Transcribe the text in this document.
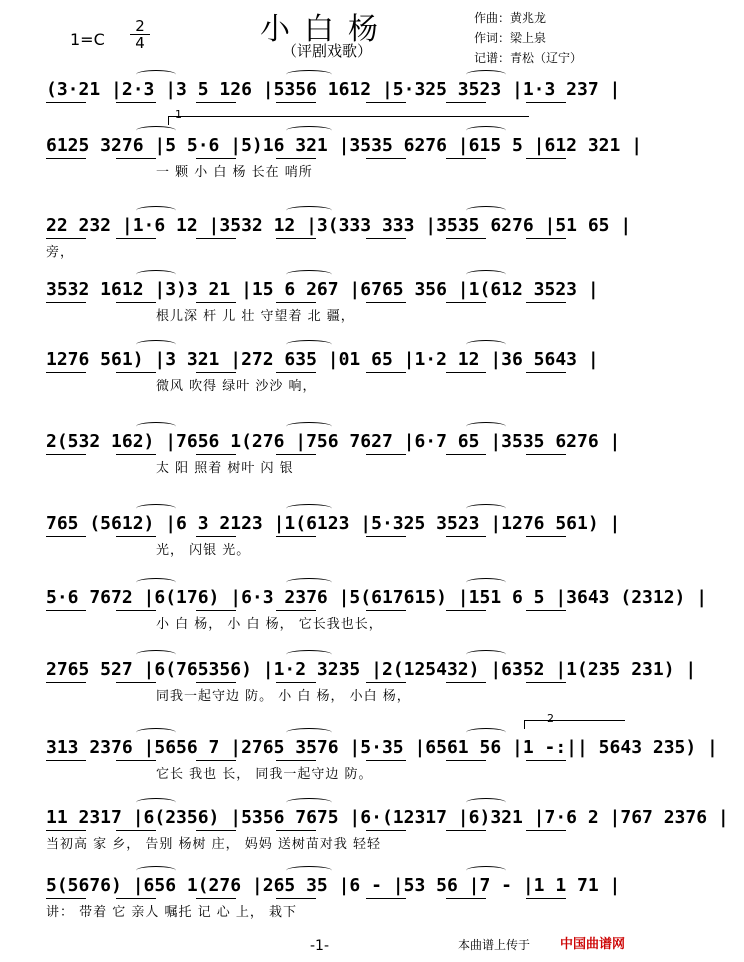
$1=C \frac{2}{4}$	小白杨
（评剧戏歌）
作曲：黄兆龙
作词：梁上泉
记谱：青松（辽宁）
1
2
(3·21 |2·3 |3 5 126 |5356 1612 |5·325 3523 |1·3 237 |
6125 3276 |5 5·6 |5)16 321 |3535 6276 |615 5 |612 321 |
一 颗 小 白 杨 长在 哨所
22 232 |1·6 12 |3532 12 |3(333 333 |3535 6276 |51 65 |
旁，
3532 1612 |3)3 21 |15 6 267 |6765 356 |1(612 3523 |
根儿深 杆 儿 壮 守望着 北 疆，
1276 561) |3 321 |272 635 |01 65 |1·2 12 |36 5643 |
微风 吹得 绿叶 沙沙 响，
2(532 162) |7656 1(276 |756 7627 |6·7 65 |3535 6276 |
太 阳 照着 树叶 闪 银
765 (5612) |6 3 2123 |1(6123 |5·325 3523 |1276 561) |
光， 闪银 光。
5·6 7672 |6(176) |6·3 2376 |5(617615) |151 6 5 |3643 (2312) |
小 白 杨， 小 白 杨， 它长我也长，
2765 527 |6(765356) |1·2 3235 |2(125432) |6352 |1(235 231) |
同我一起守边 防。 小 白 杨， 小白 杨，
313 2376 |5656 7 |2765 3576 |5·35 |6561 56 |1 -:|| 5643 235) |
它长 我也 长， 同我一起守边 防。
11 2317 |6(2356) |5356 7675 |6·(12317 |6)321 |7·6 2 |767 2376 |
当初高 家 乡， 告别 杨树 庄， 妈妈 送树苗对我 轻轻
5(5676) |656 1(276 |265 35 |6 - |53 56 |7 - |1 1 71 |
讲： 带着 它 亲人 嘱托 记 心 上， 栽下
-1-	本曲谱上传于 中国曲谱网
